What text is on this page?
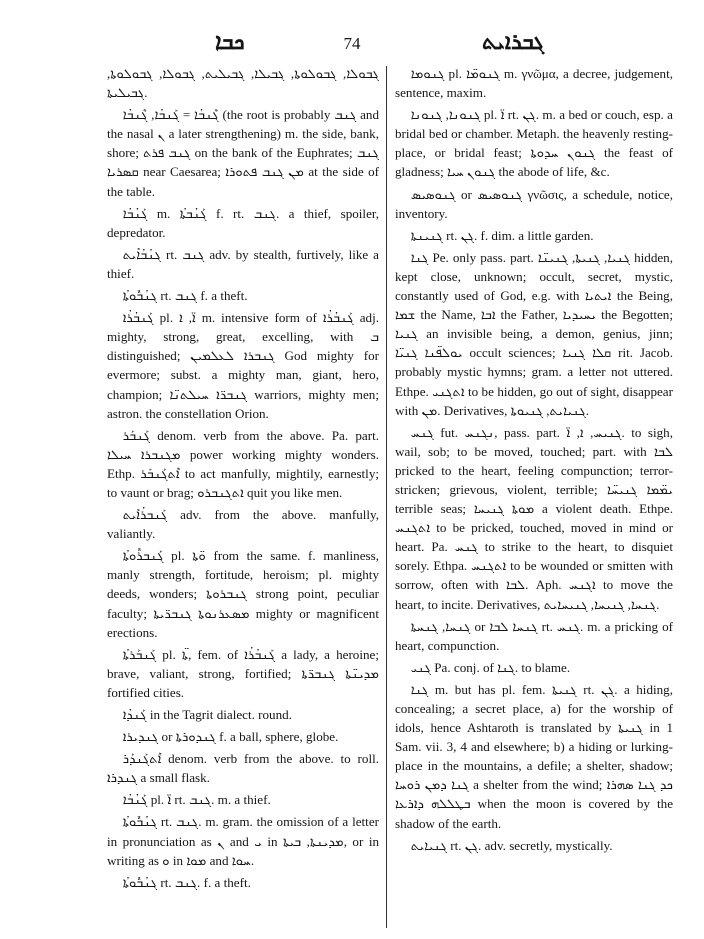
ܟܒܐ	74	ܓܒܪܐܝܬ

ܓܒܘܠܐ, ܓܒܘܠܘܬܐ, ܓܒܝܠܐ, ܓܒܝܠܝܬ, ܓܒܘܠܐ, ܓܒܘܠܘܬܐ, ܓܒܝܠܝܬܐ.

ܓܶܢܒܳܐ = ܓܰܢܒܳܐ, ܓܶܢܒܳܐ (the root is probably ܓܢܒ and the nasal ܢ a later strengthening) m. the side, bank, shore; ܓܢܒ ܦܪܬ on the bank of the Euphrates; ܓܢܒ ܩܣܪܝܐ near Caesarea; ܡܢ ܓܢܒ ܦܬܘܪܐ at the side of the table.

ܓܰܢܳܒܳܐ m. ܓܰܢܳܒܬܳܐ f. rt. ܓܢܒ. a thief, spoiler, depredator.

ܓܢܳܒܳܐܺܝܬ rt. ܓܢܒ adv. by stealth, furtively, like a thief.

ܓܢܳܒܽܘܬܳܐ rt. ܓܢܒ f. a theft.

ܓܰܢܒܳܪܳܐ pl. ܐ̈, ܐ m. intensive form of ܓܰܢܒܳܪܳܐ adj. mighty, strong, great, excelling, with ܒ distinguished; ܓܢܒܪܐ ܠܥܠܡܝܢ God mighty for evermore; subst. a mighty man, giant, hero, champion; ܓܢܒܪ̈ܐ ܚܝܠܬܢ̈ܐ warriors, mighty men; astron. the constellation Orion.

ܓܰܢܒܰܪ denom. verb from the above. Pa. part. ܡܓܢܒܪܐ ܚܝܠܐ power working mighty wonders. Ethp. ܐܶܬܓܰܢܒܰܪ to act manfully, mightily, earnestly; to vaunt or brag; ܐܬܓܢܒܪܘ quit you like men.

ܓܰܢܒܪܳܐܺܝܬ adv. from the above. manfully, valiantly.

ܓܰܢܒܪܽܘܬܳܐ pl. ܘ̈ܬܐ from the same. f. manliness, manly strength, fortitude, heroism; pl. mighty deeds, wonders; ܓܢܒܪܘܬܐ strong point, peculiar faculty; ܡܣܥܪܢܘܬܐ ܓܢܒܪ̈ܝܬܐ mighty or magnificent erections.

ܓܰܢܒܰܪܬܳܐ pl. ܬ̈ܐ, fem. of ܓܰܢܒܳܪܳܐ a lady, a heroine; brave, valiant, strong, fortified; ܡܕܝܢ̈ܬܐ ܓܢܒܪ̈ܬܐ fortified cities.

ܓܰܢܕܳܐ in the Tagrit dialect. round.

ܓܢܕܝܪܐ or ܓܢܕܘܪܬܐ f. a ball, sphere, globe.

ܐܶܬܓܰܢܕܰܪ denom. verb from the above. to roll. ܓܢܕܪܐ a small flask.

ܓܰܢܳܒܳܐ pl. ܐ̈ rt. ܓܢܒ. m. a thief.

ܓܢܳܒܽܘܬܳܐ rt. ܓܢܒ. m. gram. the omission of a letter in pronunciation as ܢ and ܝ in ܡܕܝܢܬܐ, ܒܝܬܐ, or in writing as ܘ in ܡܘܐ and ܚܘܐ.

ܓܢܳܒܽܘܬܳܐ rt. ܓܢܒ. f. a theft.

ܓܢܘܡܐ pl. ܓܢܘܡ̈ܐ m. γνῶμα, a decree, judgement, sentence, maxim.

ܓܢܘܢܐ, ܓܢܘܢܐ pl. ܐ̈ rt. ܓܢ. m. a bed or couch, esp. a bridal bed or chamber. Metaph. the heavenly resting-place, or bridal feast; ܓܢܘܢ ܚܕܘܬܐ the feast of gladness; ܓܢܘܢ ܚܝܐ the abode of life, &c.

ܓܢܘܣܝܣ or ܓܢܘܣܝܣ γνῶσις, a schedule, notice, inventory.

ܓܢܝܢܬܐ rt. ܓܢ. f. dim. a little garden.

ܓܢܐ Pe. only pass. part. ܓܢܝܐ, ܓܢܝܬܐ, ܓܢܝܢ̈ܐ hidden, kept close, unknown; occult, secret, mystic, constantly used of God, e.g. with ܐܝܬܝܐ the Being, ܫܡܐ the Name, ܐܒܐ the Father, ܝܚܝܕܝܐ the Begotten; ܓܢܝܐ an invisible being, a demon, genius, jinn; ܝܘܠܦ̈ܢܐ ܓܢܝ̈ܐ occult sciences; ܩܠܐ ܓܢܝܐ rit. Jacob. probably mystic hymns; gram. a letter not uttered. Ethpe. ܐܬܓܢܝ to be hidden, go out of sight, disappear with ܡܢ. Derivatives, ܓܢܝܐܝܬ, ܓܢܝܘܬܐ.

ܓܢܚ fut. ܢܓܢܚ, pass. part. ܓܢܝܚ, ܐ, ܐ̈. to sigh, wail, sob; to be moved, touched; part. with ܠܒܐ pricked to the heart, feeling compunction; terror-stricken; grievous, violent, terrible; ܝܡ̈ܡܐ ܓܢܝܚ̈ܐ terrible seas; ܡܘܬܐ ܓܢܝܚܐ a violent death. Ethpe. ܐܬܓܢܚ to be pricked, touched, moved in mind or heart. Pa. ܓܢܚ to strike to the heart, to disquiet sorely. Ethpa. ܐܬܓܢܚ to be wounded or smitten with sorrow, often with ܠܒܐ. Aph. ܐܓܢܚ to move the heart, to incite. Derivatives, ܓܢܚܐ, ܓܢܝܚܐ, ܓܢܝܚܐܝܬ.

ܓܢܚܐ, ܓܢܚܬܐ or ܓܢܚܐ ܠܒܐ rt. ܓܢܚ. m. a pricking of heart, compunction.

ܓܢܝ Pa. conj. of ܓܢܐ. to blame.

ܓܢܐ m. but has pl. fem. ܓܢܝܬܐ rt. ܓܢ. a hiding, concealing; a secret place, a) for the worship of idols, hence Ashtaroth is translated by ܓܢܝܬܐ in 1 Sam. vii. 3, 4 and elsewhere; b) a hiding or lurking-place in the mountains, a defile; a shelter, shadow; ܓܢܐ ܕܡܢ ܪܘܚܐ a shelter from the wind; ܟܕ ܓܢܐ ܣܗܪܐ ܒܛܠܠܗ ܕܐܪܥܐ when the moon is covered by the shadow of the earth.

ܓܢܝܐܝܬ rt. ܓܢ. adv. secretly, mystically.
